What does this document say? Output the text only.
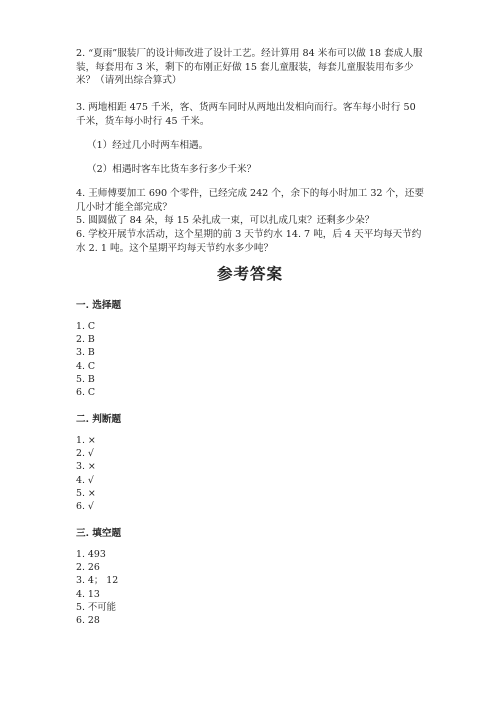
2. “夏雨”服装厂的设计师改进了设计工艺。经计算用 84 米布可以做 18 套成人服装，每套用布 3 米，剩下的布刚正好做 15 套儿童服装，每套儿童服装用布多少米？（请列出综合算式）
3. 两地相距 475 千米，客、货两车同时从两地出发相向而行。客车每小时行 50 千米，货车每小时行 45 千米。
（1）经过几小时两车相遇。
（2）相遇时客车比货车多行多少千米？
4. 王师傅要加工 690 个零件，已经完成 242 个，余下的每小时加工 32 个，还要几小时才能全部完成？
5. 圆圆做了 84 朵，每 15 朵扎成一束，可以扎成几束？还剩多少朵？
6. 学校开展节水活动，这个星期的前 3 天节约水 14. 7 吨，后 4 天平均每天节约水 2. 1 吨。这个星期平均每天节约水多少吨？
参考答案
一. 选择题
1. C
2. B
3. B
4. C
5. B
6. C
二. 判断题
1. ×
2. √
3. ×
4. √
5. ×
6. √
三. 填空题
1. 493
2. 26
3. 4； 12
4. 13
5. 不可能
6. 28
